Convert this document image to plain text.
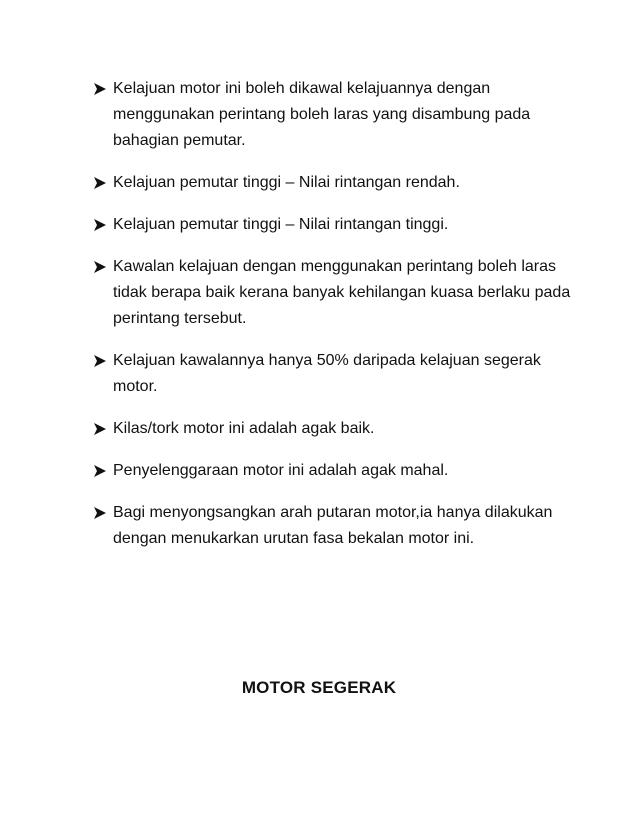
Kelajuan motor ini boleh dikawal kelajuannya dengan menggunakan perintang boleh laras yang disambung pada bahagian pemutar.
Kelajuan pemutar tinggi – Nilai rintangan rendah.
Kelajuan pemutar tinggi – Nilai rintangan tinggi.
Kawalan kelajuan dengan menggunakan perintang boleh laras tidak berapa baik kerana banyak kehilangan kuasa berlaku pada perintang tersebut.
Kelajuan kawalannya hanya 50% daripada kelajuan segerak motor.
Kilas/tork motor ini adalah agak baik.
Penyelenggaraan motor ini adalah agak mahal.
Bagi menyongsangkan arah putaran motor,ia hanya dilakukan dengan menukarkan urutan fasa bekalan motor ini.
MOTOR SEGERAK
